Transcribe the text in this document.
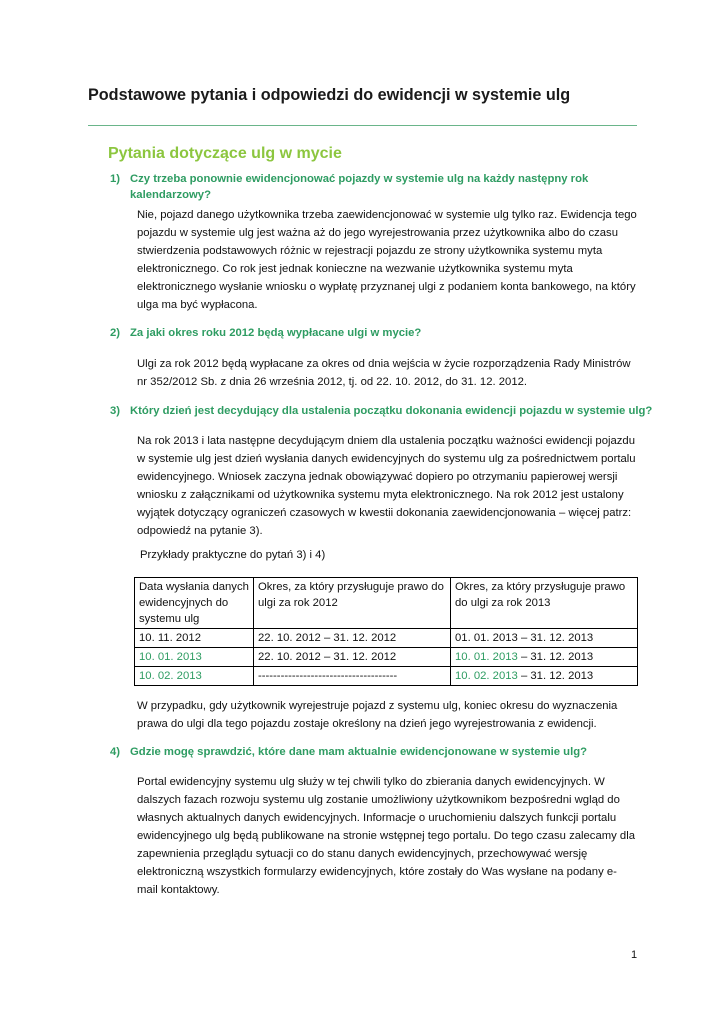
Podstawowe pytania i odpowiedzi do ewidencji w systemie ulg
Pytania dotyczące ulg w mycie
1) Czy trzeba ponownie ewidencjonować pojazdy w systemie ulg na każdy następny rok kalendarzowy?
Nie, pojazd danego użytkownika trzeba zaewidencjonować w systemie ulg tylko raz. Ewidencja tego pojazdu w systemie ulg jest ważna aż do jego wyrejestrowania przez użytkownika albo do czasu stwierdzenia podstawowych różnic w rejestracji pojazdu ze strony użytkownika systemu myta elektronicznego. Co rok jest jednak konieczne na wezwanie użytkownika systemu myta elektronicznego wysłanie wniosku o wypłatę przyznanej ulgi z podaniem konta bankowego, na który ulga ma być wypłacona.
2) Za jaki okres roku 2012 będą wypłacane ulgi w mycie?
Ulgi za rok 2012 będą wypłacane za okres od dnia wejścia w życie rozporządzenia Rady Ministrów nr 352/2012 Sb. z dnia 26 września 2012, tj. od 22. 10. 2012, do 31. 12. 2012.
3) Który dzień jest decydujący dla ustalenia początku dokonania ewidencji pojazdu w systemie ulg?
Na rok 2013 i lata następne decydującym dniem dla ustalenia początku ważności ewidencji pojazdu w systemie ulg jest dzień wysłania danych ewidencyjnych do systemu ulg za pośrednictwem portalu ewidencyjnego. Wniosek zaczyna jednak obowiązywać dopiero po otrzymaniu papierowej wersji wniosku z załącznikami od użytkownika systemu myta elektronicznego. Na rok 2012 jest ustalony wyjątek dotyczący ograniczeń czasowych w kwestii dokonania zaewidencjonowania – więcej patrz: odpowiedź na pytanie 3).
Przykłady praktyczne do pytań 3) i 4)
Data wysłania danych ewidencyjnych do systemu ulg	Okres, za który przysługuje prawo do ulgi za rok 2012	Okres, za który przysługuje prawo do ulgi za rok 2013
10. 11. 2012	22. 10. 2012 – 31. 12. 2012	01. 01. 2013 – 31. 12. 2013
10. 01. 2013	22. 10. 2012 – 31. 12. 2012	10. 01. 2013 – 31. 12. 2013
10. 02. 2013	-------------------------------------	10. 02. 2013 – 31. 12. 2013
W przypadku, gdy użytkownik wyrejestruje pojazd z systemu ulg, koniec okresu do wyznaczenia prawa do ulgi dla tego pojazdu zostaje określony na dzień jego wyrejestrowania z ewidencji.
4) Gdzie mogę sprawdzić, które dane mam aktualnie ewidencjonowane w systemie ulg?
Portal ewidencyjny systemu ulg służy w tej chwili tylko do zbierania danych ewidencyjnych. W dalszych fazach rozwoju systemu ulg zostanie umożliwiony użytkownikom bezpośredni wgląd do własnych aktualnych danych ewidencyjnych. Informacje o uruchomieniu dalszych funkcji portalu ewidencyjnego ulg będą publikowane na stronie wstępnej tego portalu. Do tego czasu zalecamy dla zapewnienia przeglądu sytuacji co do stanu danych ewidencyjnych, przechowywać wersję elektroniczną wszystkich formularzy ewidencyjnych, które zostały do Was wysłane na podany e-mail kontaktowy.
1
